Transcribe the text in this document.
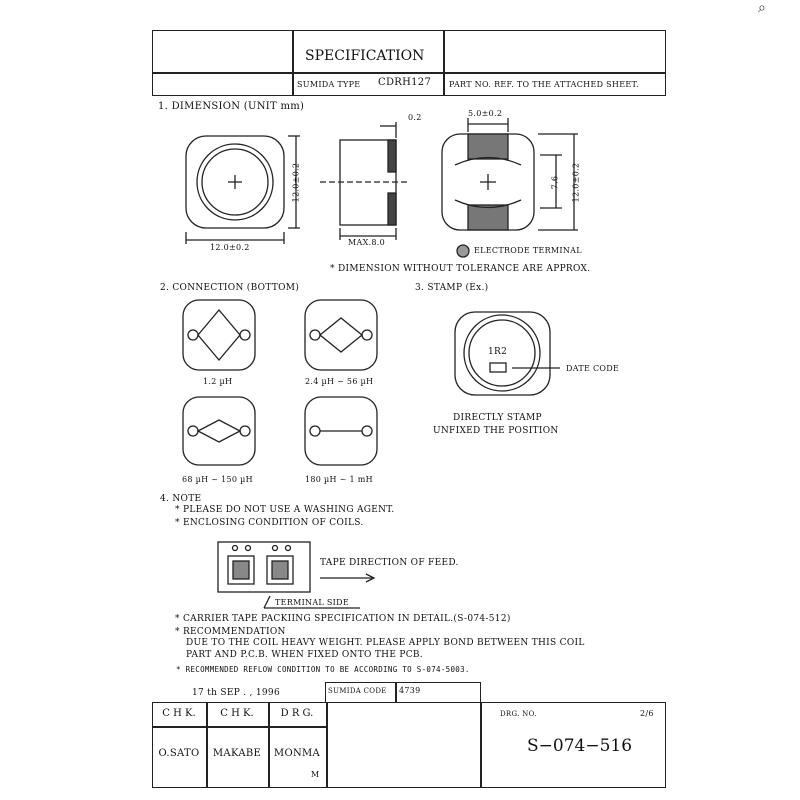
SPECIFICATION
SUMIDA TYPE CDRH127 PART NO. REF. TO THE ATTACHED SHEET.
1. DIMENSION (UNIT mm)
12.0±0.2
12.0±0.2
0.2
MAX.8.0
5.0±0.2
7.6 12.0±0.2
ELECTRODE TERMINAL
* DIMENSION WITHOUT TOLERANCE ARE APPROX.
2. CONNECTION (BOTTOM)
1.2 µH	2.4 µH ~ 56 µH
68 µH ~ 150 µH	180 µH ~ 1 mH
3. STAMP (Ex.)
1R2
DATE CODE
DIRECTLY STAMP
UNFIXED THE POSITION
4. NOTE
* PLEASE DO NOT USE A WASHING AGENT.
* ENCLOSING CONDITION OF COILS.
TAPE DIRECTION OF FEED.
TERMINAL SIDE
* CARRIER TAPE PACKIING SPECIFICATION IN DETAIL.(S-074-512)
* RECOMMENDATION
DUE TO THE COIL HEAVY WEIGHT. PLEASE APPLY BOND BETWEEN THIS COIL
PART AND P.C.B. WHEN FIXED ONTO THE PCB.
* RECOMMENDED REFLOW CONDITION TO BE ACCORDING TO S-074-5003.
17 th SEP . , 1996	SUMIDA CODE 4739
C H K.	C H K.	D R G.
O.SATO	MAKABE	MONMA
M
DRG. NO.	2/6
S−074−516
⌕
